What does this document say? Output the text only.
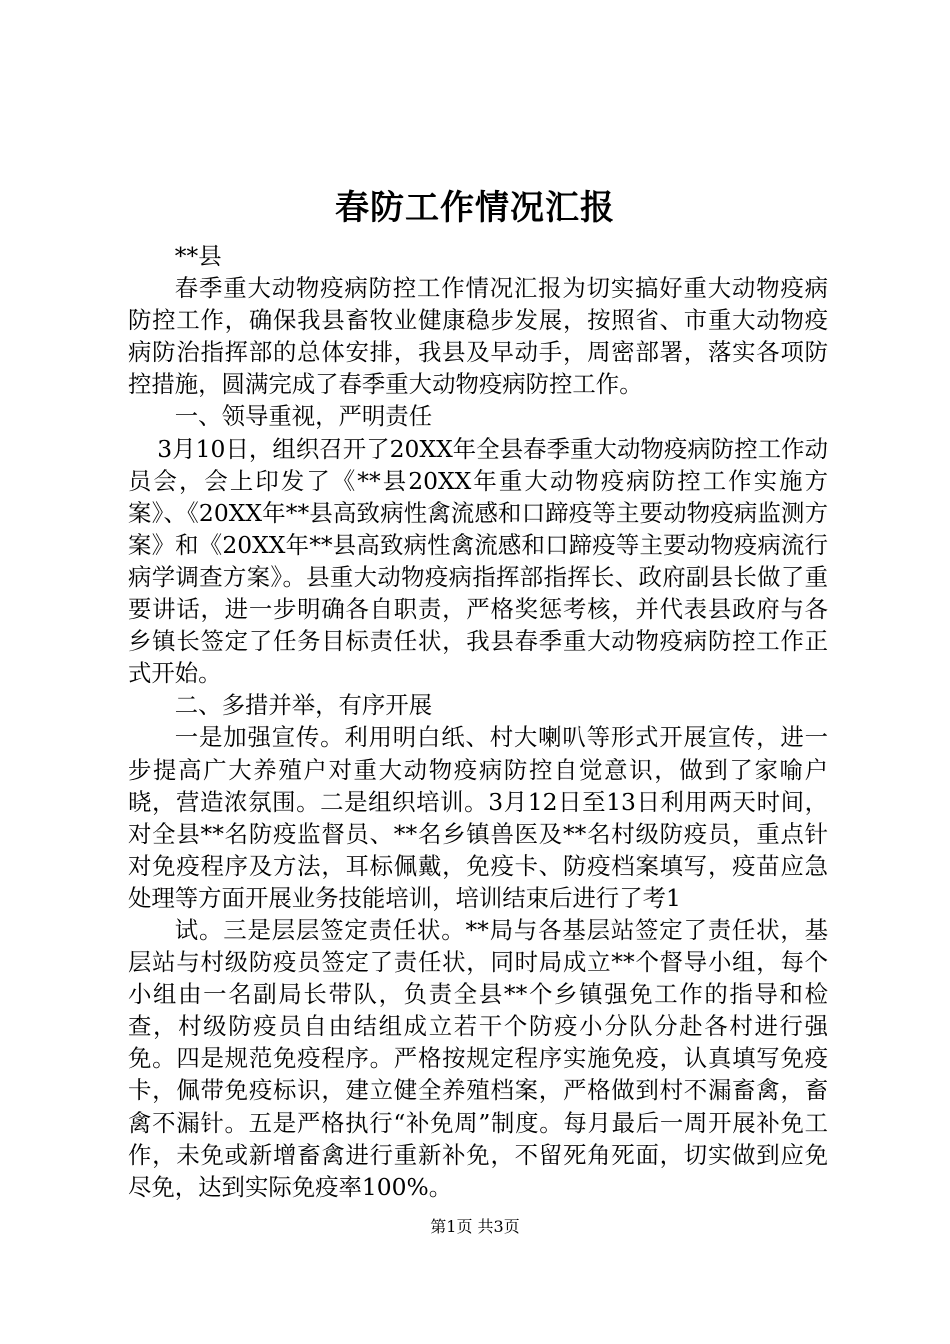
春防工作情况汇报

**县

春季重大动物疫病防控工作情况汇报为切实搞好重大动物疫病防控工作，确保我县畜牧业健康稳步发展，按照省、市重大动物疫病防治指挥部的总体安排，我县及早动手，周密部署，落实各项防控措施，圆满完成了春季重大动物疫病防控工作。

一、领导重视，严明责任

3月10日，组织召开了20XX年全县春季重大动物疫病防控工作动员会，会上印发了《**县20XX年重大动物疫病防控工作实施方案》、《20XX年**县高致病性禽流感和口蹄疫等主要动物疫病监测方案》和《20XX年**县高致病性禽流感和口蹄疫等主要动物疫病流行病学调查方案》。县重大动物疫病指挥部指挥长、政府副县长做了重要讲话，进一步明确各自职责，严格奖惩考核，并代表县政府与各乡镇长签定了任务目标责任状，我县春季重大动物疫病防控工作正式开始。

二、多措并举，有序开展

一是加强宣传。利用明白纸、村大喇叭等形式开展宣传，进一步提高广大养殖户对重大动物疫病防控自觉意识，做到了家喻户晓，营造浓氛围。二是组织培训。3月12日至13日利用两天时间，对全县**名防疫监督员、**名乡镇兽医及**名村级防疫员，重点针对免疫程序及方法，耳标佩戴，免疫卡、防疫档案填写，疫苗应急处理等方面开展业务技能培训，培训结束后进行了考1

试。三是层层签定责任状。**局与各基层站签定了责任状，基层站与村级防疫员签定了责任状，同时局成立**个督导小组，每个小组由一名副局长带队，负责全县**个乡镇强免工作的指导和检查，村级防疫员自由结组成立若干个防疫小分队分赴各村进行强免。四是规范免疫程序。严格按规定程序实施免疫，认真填写免疫卡，佩带免疫标识，建立健全养殖档案，严格做到村不漏畜禽，畜禽不漏针。五是严格执行“补免周”制度。每月最后一周开展补免工作，未免或新增畜禽进行重新补免，不留死角死面，切实做到应免尽免，达到实际免疫率100%。

第1页 共3页
